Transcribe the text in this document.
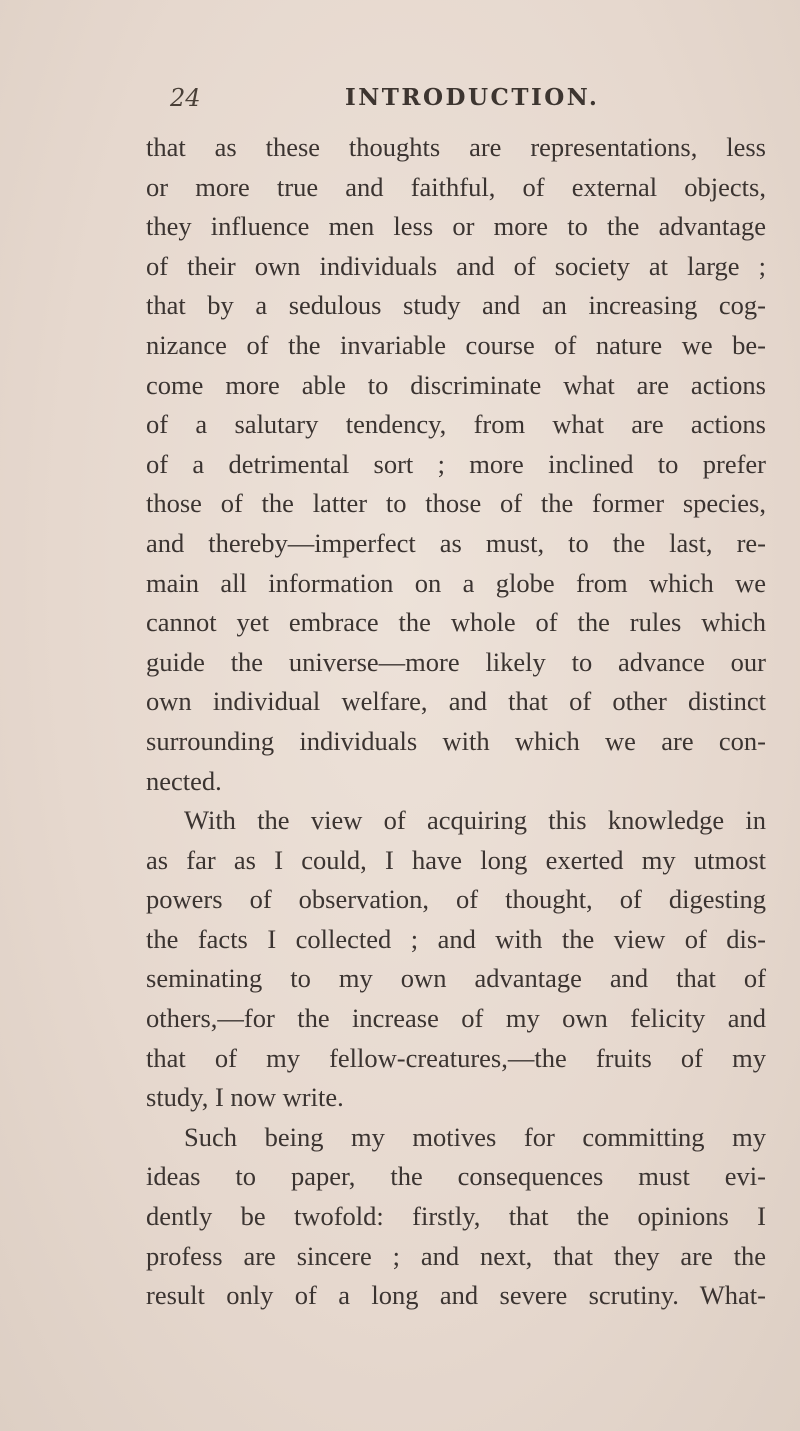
24	INTRODUCTION.
that as these thoughts are representations, less
or more true and faithful, of external objects,
they influence men less or more to the advantage
of their own individuals and of society at large ;
that by a sedulous study and an increasing cog-
nizance of the invariable course of nature we be-
come more able to discriminate what are actions
of a salutary tendency, from what are actions
of a detrimental sort ; more inclined to prefer
those of the latter to those of the former species,
and thereby—imperfect as must, to the last, re-
main all information on a globe from which we
cannot yet embrace the whole of the rules which
guide the universe—more likely to advance our
own individual welfare, and that of other distinct
surrounding individuals with which we are con-
nected.
With the view of acquiring this knowledge in
as far as I could, I have long exerted my utmost
powers of observation, of thought, of digesting
the facts I collected ; and with the view of dis-
seminating to my own advantage and that of
others,—for the increase of my own felicity and
that of my fellow-creatures,—the fruits of my
study, I now write.
Such being my motives for committing my
ideas to paper, the consequences must evi-
dently be twofold: firstly, that the opinions I
profess are sincere ; and next, that they are the
result only of a long and severe scrutiny. What-
